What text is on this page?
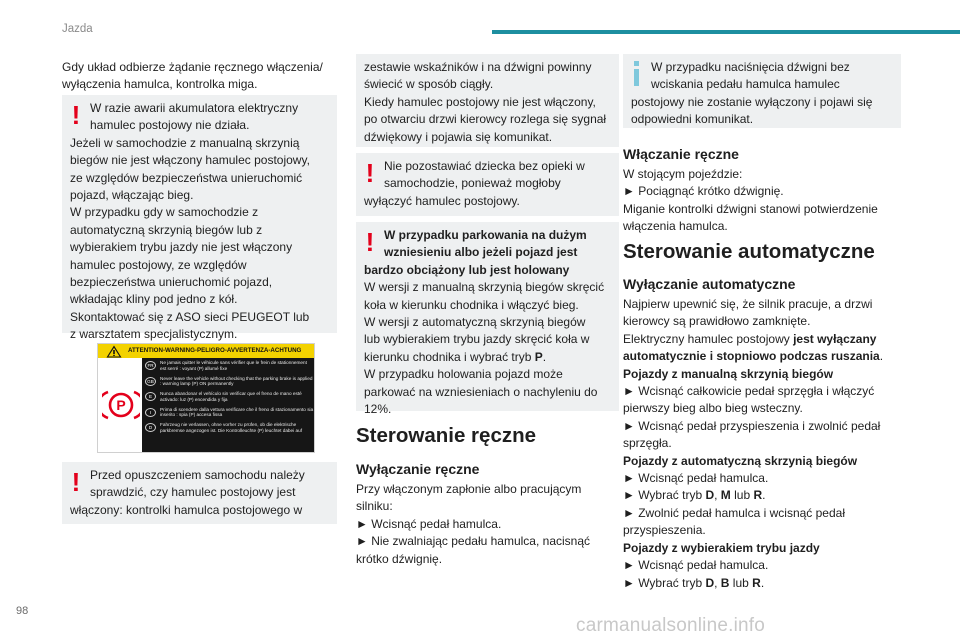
Jazda
Gdy układ odbierze żądanie ręcznego włączenia/ wyłączenia hamulca, kontrolka miga.
! W razie awarii akumulatora elektryczny
hamulec postojowy nie działa.
Jeżeli w samochodzie z manualną skrzynią
biegów nie jest włączony hamulec postojowy,
ze względów bezpieczeństwa unieruchomić
pojazd, włączając bieg.
W przypadku gdy w samochodzie z
automatyczną skrzynią biegów lub z
wybierakiem trybu jazdy nie jest włączony
hamulec postojowy, ze względów
bezpieczeństwa unieruchomić pojazd,
wkładając kliny pod jedno z kół.
Skontaktować się z ASO sieci PEUGEOT lub
z warsztatem specjalistycznym.
ATTENTION-WARNING-PELIGRO-AVVERTENZA-ACHTUNG
P
FR
Ne jamais quitter le véhicule sans vérifier que le frein de stationnement est serré : voyant (P) allumé fixe
GB
Never leave the vehicle without checking that the parking brake is applied : warning lamp (P) ON permanently
E
Nunca abandonar el vehículo sin verificar que el freno de mano esté activado: luz (P) encendida y fija
I
Prima di scendere dalla vettura verificare che il freno di stazionamento sia inserito : spia (P) accesa fissa
D
Fahrzeug nie verlassen, ohne vorher zu prüfen, ob die elektrische parkbremse angezogen ist. Die Kontrolleuchte (P) leuchtet dabei auf
! Przed opuszczeniem samochodu należy
sprawdzić, czy hamulec postojowy jest
włączony: kontrolki hamulca postojowego w
zestawie wskaźników i na dźwigni powinny
świecić w sposób ciągły.
Kiedy hamulec postojowy nie jest włączony,
po otwarciu drzwi kierowcy rozlega się sygnał
dźwiękowy i pojawia się komunikat.
! Nie pozostawiać dziecka bez opieki w
samochodzie, ponieważ mogłoby
wyłączyć hamulec postojowy.
! W przypadku parkowania na dużym
wzniesieniu albo jeżeli pojazd jest
bardzo obciążony lub jest holowany
W wersji z manualną skrzynią biegów skręcić
koła w kierunku chodnika i włączyć bieg.
W wersji z automatyczną skrzynią biegów
lub wybierakiem trybu jazdy skręcić koła w
kierunku chodnika i wybrać tryb P.
W przypadku holowania pojazd może
parkować na wzniesieniach o nachyleniu do
12%.
Sterowanie ręczne
Wyłączanie ręczne
Przy włączonym zapłonie albo pracującym
silniku:
► Wcisnąć pedał hamulca.
► Nie zwalniając pedału hamulca, nacisnąć
krótko dźwignię.
W przypadku naciśnięcia dźwigni bez
wciskania pedału hamulca hamulec
postojowy nie zostanie wyłączony i pojawi się
odpowiedni komunikat.
Włączanie ręczne
W stojącym pojeździe:
► Pociągnąć krótko dźwignię.
Miganie kontrolki dźwigni stanowi potwierdzenie
włączenia hamulca.
Sterowanie automatyczne
Wyłączanie automatyczne
Najpierw upewnić się, że silnik pracuje, a drzwi
kierowcy są prawidłowo zamknięte.
Elektryczny hamulec postojowy jest wyłączany
automatycznie i stopniowo podczas ruszania.
Pojazdy z manualną skrzynią biegów
► Wcisnąć całkowicie pedał sprzęgła i włączyć
pierwszy bieg albo bieg wsteczny.
► Wcisnąć pedał przyspieszenia i zwolnić pedał
sprzęgła.
Pojazdy z automatyczną skrzynią biegów
► Wcisnąć pedał hamulca.
► Wybrać tryb D, M lub R.
► Zwolnić pedał hamulca i wcisnąć pedał
przyspieszenia.
Pojazdy z wybierakiem trybu jazdy
► Wcisnąć pedał hamulca.
► Wybrać tryb D, B lub R.
98
carmanualsonline.info
